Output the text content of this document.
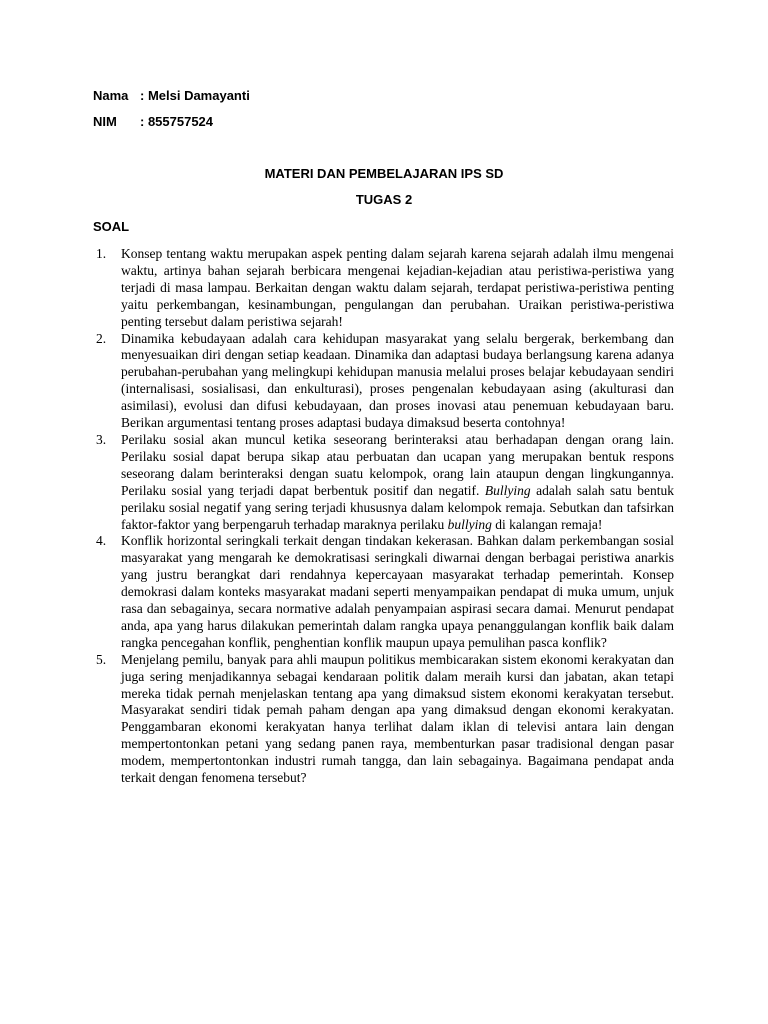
Nama : Melsi Damayanti
NIM : 855757524
MATERI DAN PEMBELAJARAN IPS SD
TUGAS 2
SOAL
1. Konsep tentang waktu merupakan aspek penting dalam sejarah karena sejarah adalah ilmu mengenai waktu, artinya bahan sejarah berbicara mengenai kejadian-kejadian atau peristiwa-peristiwa yang terjadi di masa lampau. Berkaitan dengan waktu dalam sejarah, terdapat peristiwa-peristiwa penting yaitu perkembangan, kesinambungan, pengulangan dan perubahan. Uraikan peristiwa-peristiwa penting tersebut dalam peristiwa sejarah!
2. Dinamika kebudayaan adalah cara kehidupan masyarakat yang selalu bergerak, berkembang dan menyesuaikan diri dengan setiap keadaan. Dinamika dan adaptasi budaya berlangsung karena adanya perubahan-perubahan yang melingkupi kehidupan manusia melalui proses belajar kebudayaan sendiri (internalisasi, sosialisasi, dan enkulturasi), proses pengenalan kebudayaan asing (akulturasi dan asimilasi), evolusi dan difusi kebudayaan, dan proses inovasi atau penemuan kebudayaan baru. Berikan argumentasi tentang proses adaptasi budaya dimaksud beserta contohnya!
3. Perilaku sosial akan muncul ketika seseorang berinteraksi atau berhadapan dengan orang lain. Perilaku sosial dapat berupa sikap atau perbuatan dan ucapan yang merupakan bentuk respons seseorang dalam berinteraksi dengan suatu kelompok, orang lain ataupun dengan lingkungannya. Perilaku sosial yang terjadi dapat berbentuk positif dan negatif. Bullying adalah salah satu bentuk perilaku sosial negatif yang sering terjadi khususnya dalam kelompok remaja. Sebutkan dan tafsirkan faktor-faktor yang berpengaruh terhadap maraknya perilaku bullying di kalangan remaja!
4. Konflik horizontal seringkali terkait dengan tindakan kekerasan. Bahkan dalam perkembangan sosial masyarakat yang mengarah ke demokratisasi seringkali diwarnai dengan berbagai peristiwa anarkis yang justru berangkat dari rendahnya kepercayaan masyarakat terhadap pemerintah. Konsep demokrasi dalam konteks masyarakat madani seperti menyampaikan pendapat di muka umum, unjuk rasa dan sebagainya, secara normative adalah penyampaian aspirasi secara damai. Menurut pendapat anda, apa yang harus dilakukan pemerintah dalam rangka upaya penanggulangan konflik baik dalam rangka pencegahan konflik, penghentian konflik maupun upaya pemulihan pasca konflik?
5. Menjelang pemilu, banyak para ahli maupun politikus membicarakan sistem ekonomi kerakyatan dan juga sering menjadikannya sebagai kendaraan politik dalam meraih kursi dan jabatan, akan tetapi mereka tidak pernah menjelaskan tentang apa yang dimaksud sistem ekonomi kerakyatan tersebut. Masyarakat sendiri tidak pemah paham dengan apa yang dimaksud dengan ekonomi kerakyatan. Penggambaran ekonomi kerakyatan hanya terlihat dalam iklan di televisi antara lain dengan mempertontonkan petani yang sedang panen raya, membenturkan pasar tradisional dengan pasar modem, mempertontonkan industri rumah tangga, dan lain sebagainya. Bagaimana pendapat anda terkait dengan fenomena tersebut?
